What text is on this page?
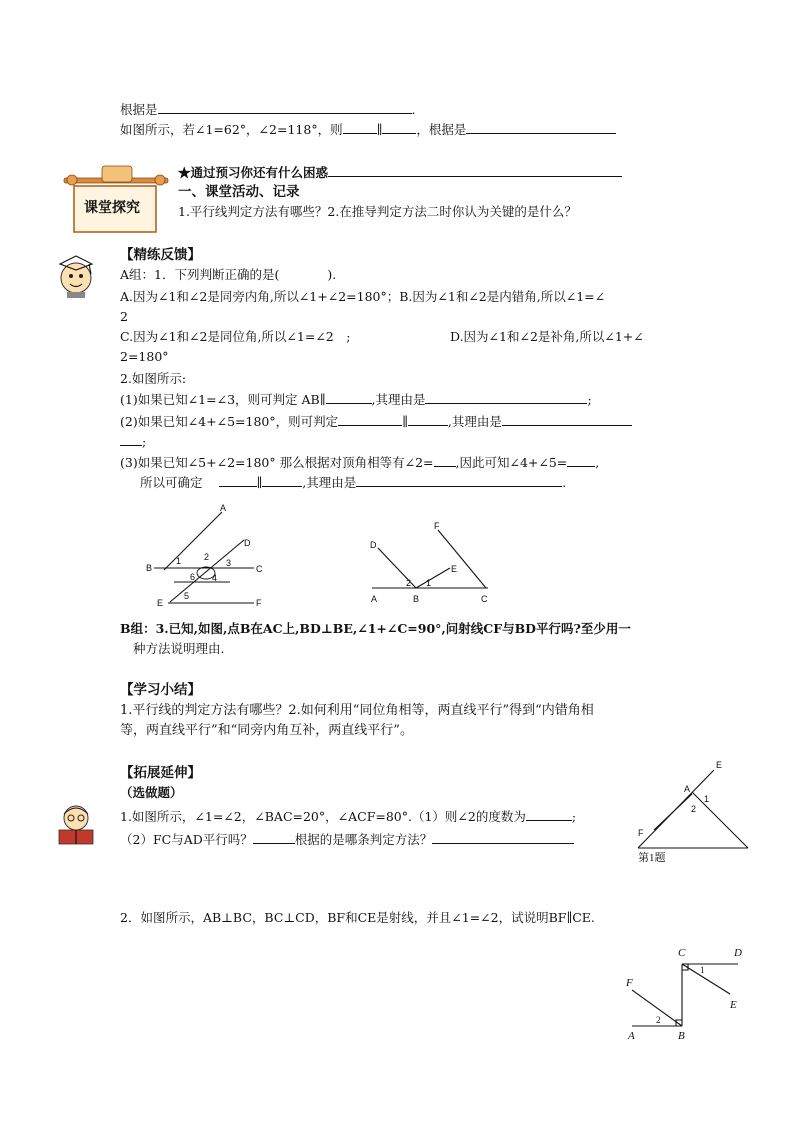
根据是	.
如图所示，若∠1=62°，∠2=118°，则	∥	，根据是
课堂探究
★通过预习你还有什么困惑
一、课堂活动、记录
1.平行线判定方法有哪些？2.在推导判定方法二时你认为关键的是什么？
【精练反馈】
A组：1．下列判断正确的是(	).
A.因为∠1和∠2是同旁内角,所以∠1+∠2=180°；B.因为∠1和∠2是内错角,所以∠1=∠
2
C.因为∠1和∠2是同位角,所以∠1=∠2　;	D.因为∠1和∠2是补角,所以∠1+∠
2=180°
2.如图所示:
(1)如果已知∠1=∠3，则可判定 AB∥	,其理由是	;
(2)如果已知∠4+∠5=180°，则可判定	∥	,其理由是
;
(3)如果已知∠5+∠2=180° 那么根据对顶角相等有∠2= ,因此可知∠4+∠5= ,
所以可确定	∥	,其理由是	.
A
B	C
D
E	F
1	2
3
4
6
5
D
F
E
A	B	C
2 1
B组：3.已知,如图,点B在AC上,BD⊥BE,∠1+∠C=90°,问射线CF与BD平行吗?至少用一
种方法说明理由.
【学习小结】
1.平行线的判定方法有哪些？2.如何利用“同位角相等，两直线平行”得到“内错角相
等，两直线平行”和“同旁内角互补，两直线平行”。
【拓展延伸】
（选做题）
1.如图所示，∠1=∠2，∠BAC=20°，∠ACF=80°.（1）则∠2的度数为	;
（2）FC与AD平行吗？	根据的是哪条判定方法？
E
A
F
1
2
第1题
2．如图所示，AB⊥BC，BC⊥CD，BF和CE是射线，并且∠1=∠2，试说明BF∥CE.
C	D
F
E
A	B
1
2
